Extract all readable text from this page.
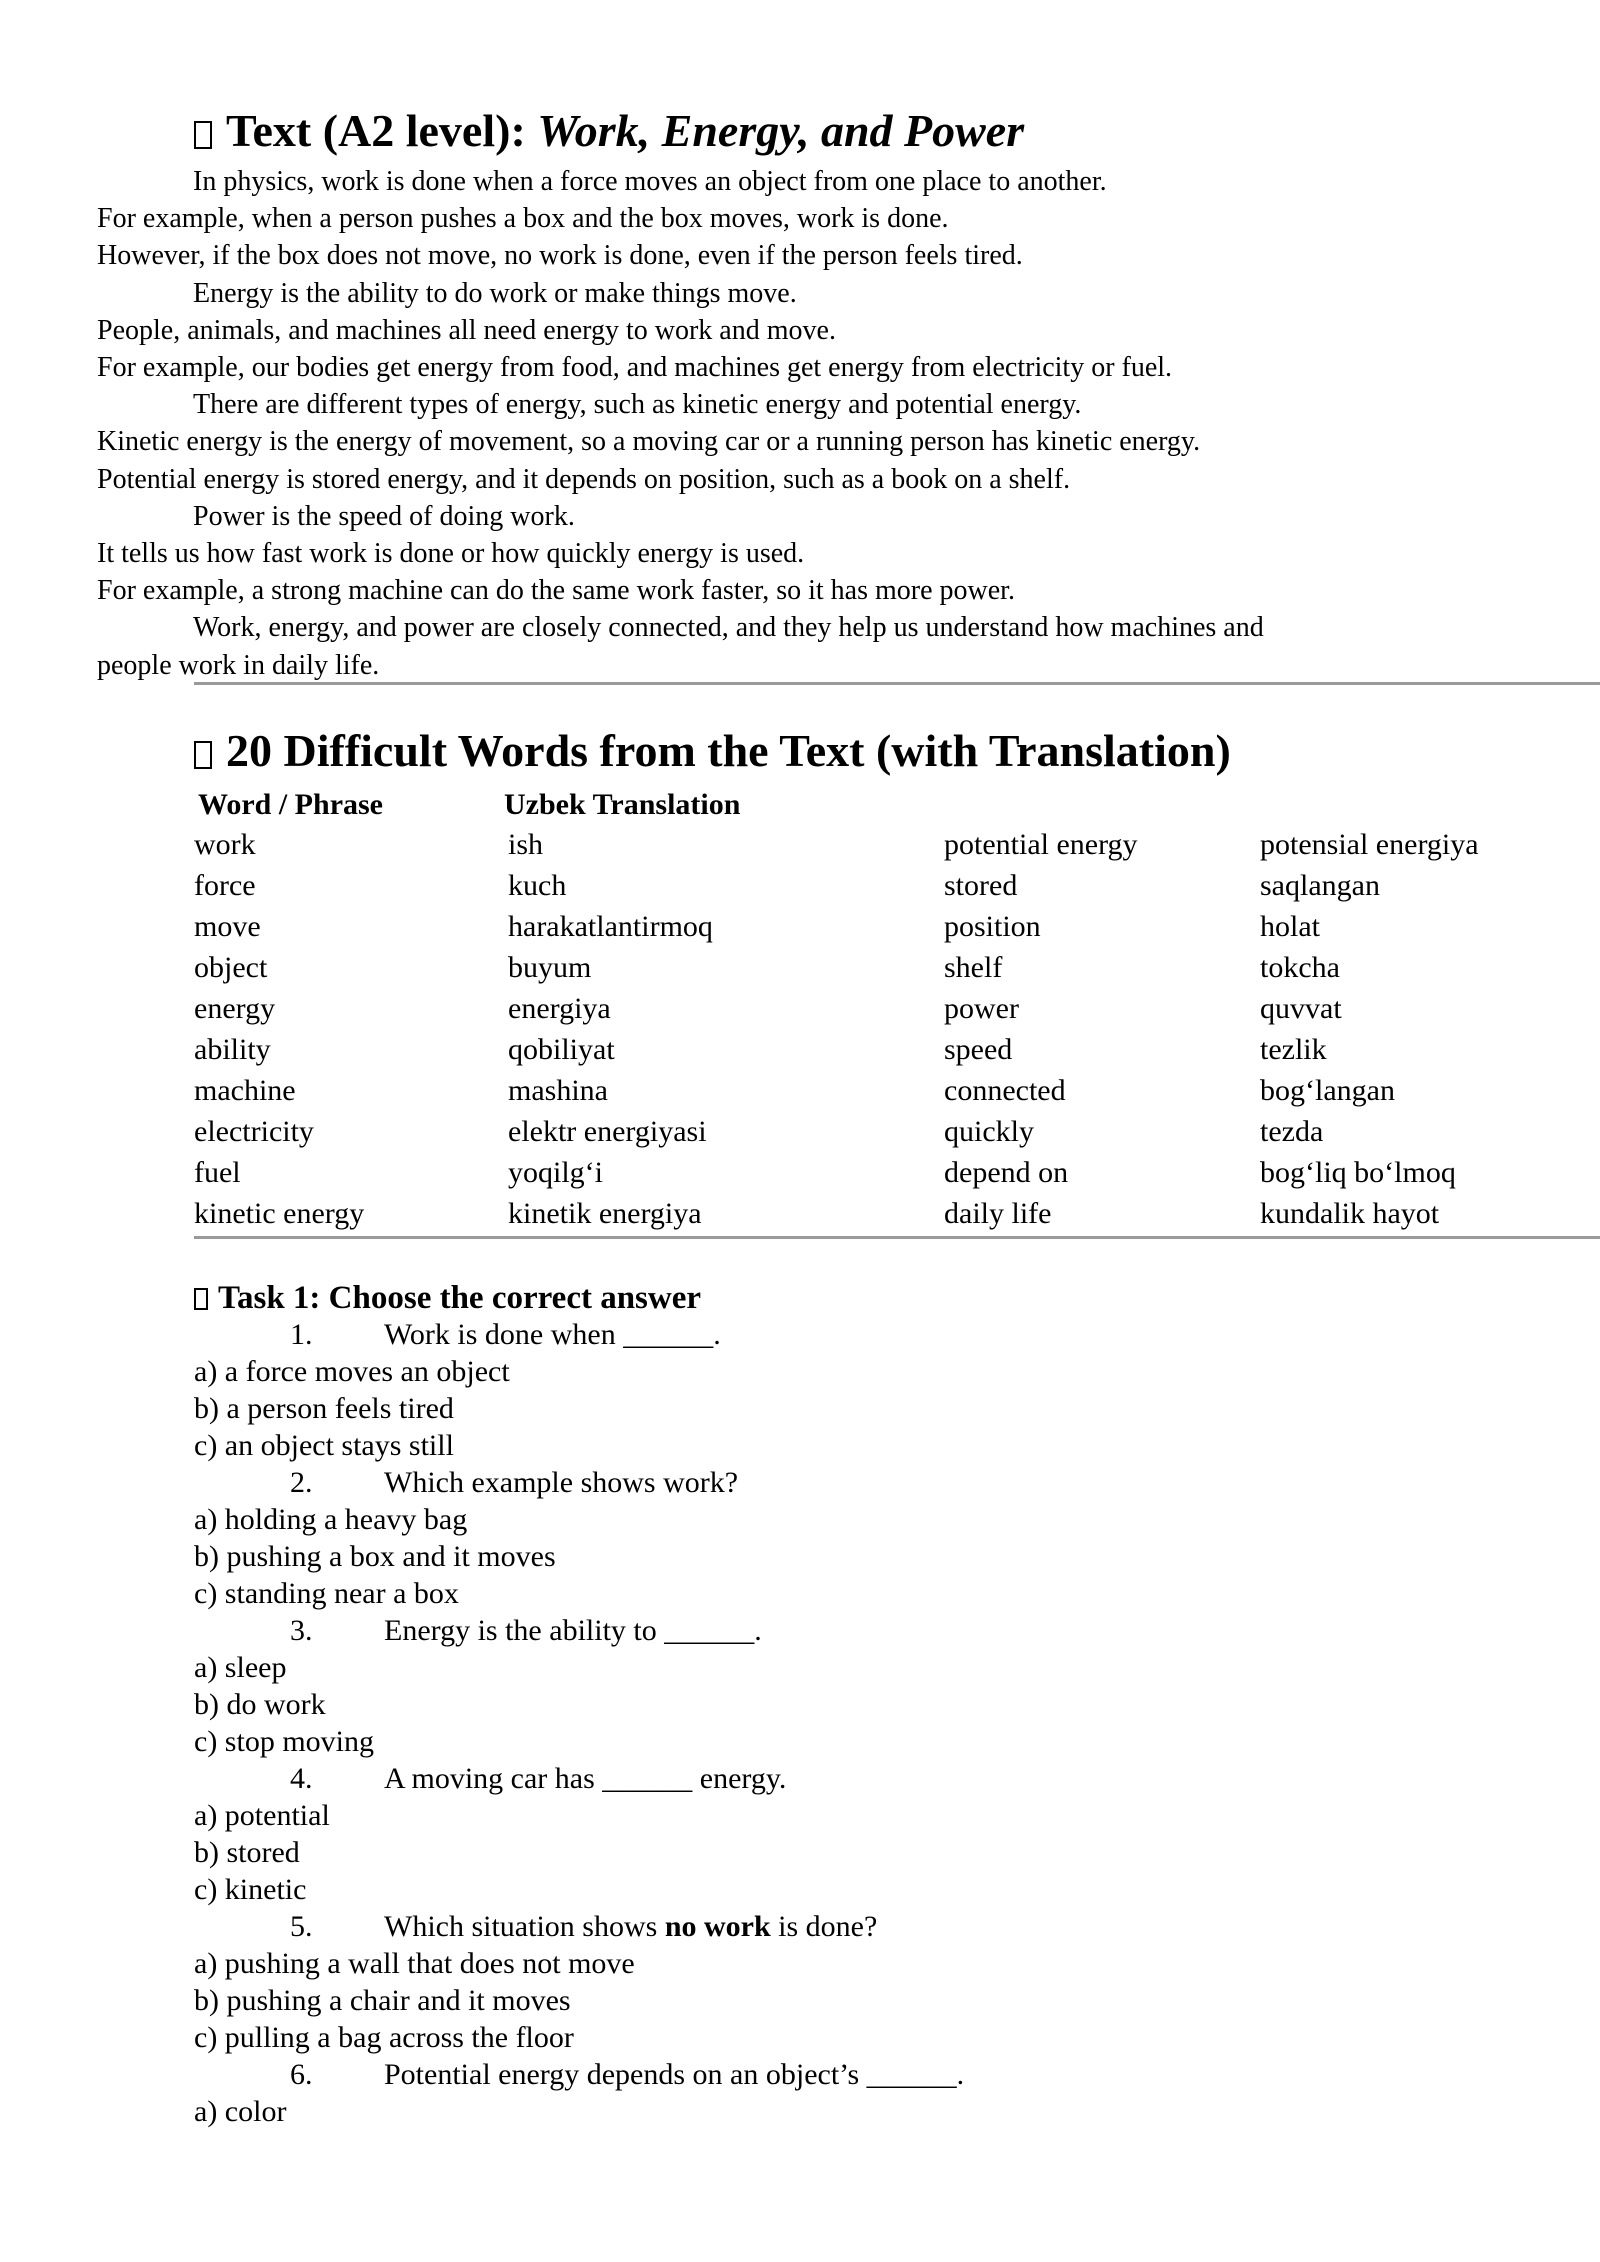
Text (A2 level): Work, Energy, and Power
In physics, work is done when a force moves an object from one place to another.
For example, when a person pushes a box and the box moves, work is done.
However, if the box does not move, no work is done, even if the person feels tired.
Energy is the ability to do work or make things move.
People, animals, and machines all need energy to work and move.
For example, our bodies get energy from food, and machines get energy from electricity or fuel.
There are different types of energy, such as kinetic energy and potential energy.
Kinetic energy is the energy of movement, so a moving car or a running person has kinetic energy.
Potential energy is stored energy, and it depends on position, such as a book on a shelf.
Power is the speed of doing work.
It tells us how fast work is done or how quickly energy is used.
For example, a strong machine can do the same work faster, so it has more power.
Work, energy, and power are closely connected, and they help us understand how machines and
people work in daily life.
20 Difficult Words from the Text (with Translation)
Word / Phrase	Uzbek Translation
work	ish	potential energy	potensial energiya
force	kuch	stored	saqlangan
move	harakatlantirmoq	position	holat
object	buyum	shelf	tokcha
energy	energiya	power	quvvat
ability	qobiliyat	speed	tezlik
machine	mashina	connected	bog‘langan
electricity	elektr energiyasi	quickly	tezda
fuel	yoqilg‘i	depend on	bog‘liq bo‘lmoq
kinetic energy	kinetik energiya	daily life	kundalik hayot
Task 1: Choose the correct answer
1. Work is done when ______.
a) a force moves an object
b) a person feels tired
c) an object stays still
2. Which example shows work?
a) holding a heavy bag
b) pushing a box and it moves
c) standing near a box
3. Energy is the ability to ______.
a) sleep
b) do work
c) stop moving
4. A moving car has ______ energy.
a) potential
b) stored
c) kinetic
5. Which situation shows no work is done?
a) pushing a wall that does not move
b) pushing a chair and it moves
c) pulling a bag across the floor
6. Potential energy depends on an object’s ______.
a) color
